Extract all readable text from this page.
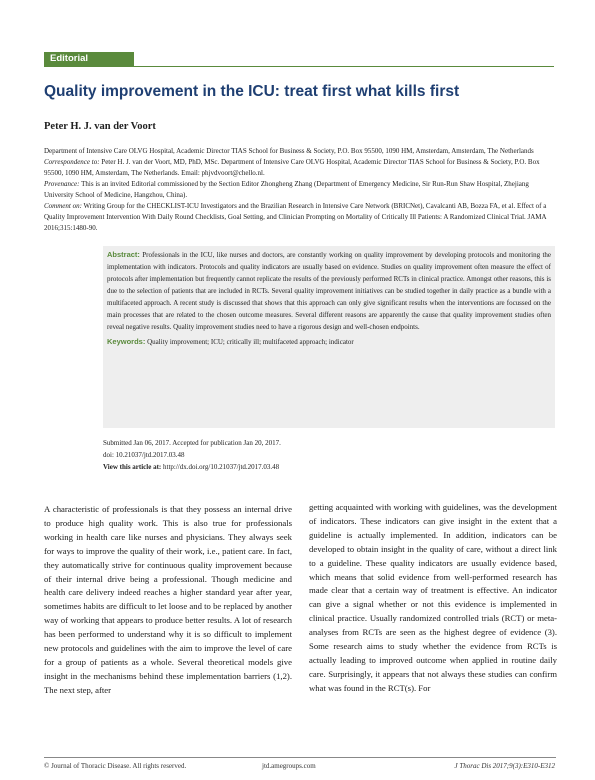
Editorial
Quality improvement in the ICU: treat first what kills first
Peter H. J. van der Voort

Department of Intensive Care OLVG Hospital, Academic Director TIAS School for Business & Society, P.O. Box 95500, 1090 HM, Amsterdam, Amsterdam, The Netherlands

Correspondence to: Peter H. J. van der Voort, MD, PhD, MSc. Department of Intensive Care OLVG Hospital, Academic Director TIAS School for Business & Society, P.O. Box 95500, 1090 HM, Amsterdam, The Netherlands. Email: phjvdvoort@chello.nl.

Provenance: This is an invited Editorial commissioned by the Section Editor Zhongheng Zhang (Department of Emergency Medicine, Sir Run-Run Shaw Hospital, Zhejiang University School of Medicine, Hangzhou, China).

Comment on: Writing Group for the CHECKLIST-ICU Investigators and the Brazilian Research in Intensive Care Network (BRICNet), Cavalcanti AB, Bozza FA, et al. Effect of a Quality Improvement Intervention With Daily Round Checklists, Goal Setting, and Clinician Prompting on Mortality of Critically Ill Patients: A Randomized Clinical Trial. JAMA 2016;315:1480-90.

Abstract: Professionals in the ICU, like nurses and doctors, are constantly working on quality improvement by developing protocols and monitoring the implementation with indicators. Protocols and quality indicators are usually based on evidence. Studies on quality improvement often measure the effect of protocols after implementation but frequently cannot replicate the results of the previously performed RCTs in clinical practice. Amongst other reasons, this is due to the selection of patients that are included in RCTs. Several quality improvement initiatives can be studied together in daily practice as a bundle with a multifaceted approach. A recent study is discussed that shows that this approach can only give significant results when the interventions are focussed on the main processes that are related to the chosen outcome measures. Several different reasons are apparently the cause that quality improvement studies often reveal negative results. Quality improvement studies need to have a rigorous design and well-chosen endpoints.
Keywords: Quality improvement; ICU; critically ill; multifaceted approach; indicator
Submitted Jan 06, 2017. Accepted for publication Jan 20, 2017.
doi: 10.21037/jtd.2017.03.48
View this article at: http://dx.doi.org/10.21037/jtd.2017.03.48
A characteristic of professionals is that they possess an internal drive to produce high quality work. This is also true for professionals working in health care like nurses and physicians. They always seek for ways to improve the quality of their work, i.e., patient care. In fact, they automatically strive for continuous quality improvement because of their internal drive being a professional. Though medicine and health care delivery indeed reaches a higher standard year after year, sometimes habits are difficult to let loose and to be replaced by another way of working that appears to produce better results. A lot of research has been performed to understand why it is so difficult to implement new protocols and guidelines with the aim to improve the level of care for a group of patients as a whole. Several theoretical models give insight in the mechanisms behind these implementation barriers (1,2). The next step, after
getting acquainted with working with guidelines, was the development of indicators. These indicators can give insight in the extent that a guideline is actually implemented. In addition, indicators can be developed to obtain insight in the quality of care, without a direct link to a guideline. These quality indicators are usually evidence based, which means that solid evidence from well-performed research has made clear that a certain way of treatment is effective. An indicator can give a signal whether or not this evidence is implemented in clinical practice. Usually randomized controlled trials (RCT) or meta-analyses from RCTs are seen as the highest degree of evidence (3). Some research aims to study whether the evidence from RCTs is actually leading to improved outcome when applied in routine daily care. Surprisingly, it appears that not always these studies can confirm what was found in the RCT(s). For
© Journal of Thoracic Disease. All rights reserved.	jtd.amegroups.com	J Thorac Dis 2017;9(3):E310-E312
